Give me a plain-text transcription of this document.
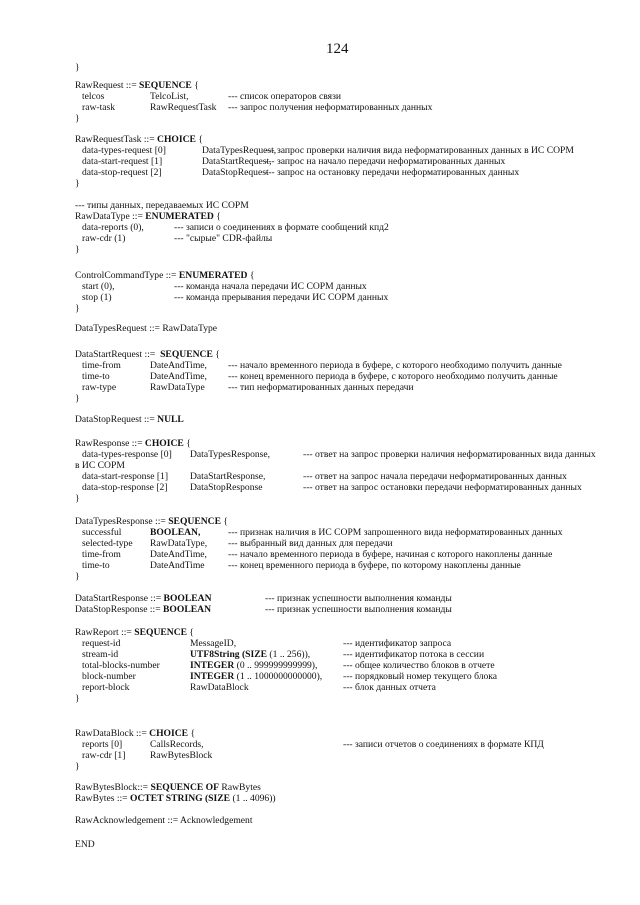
124
}
RawRequest ::= SEQUENCE {
telcos	TelcoList,	--- список операторов связи
raw-task	RawRequestTask --- запрос получения неформатированных данных
}
RawRequestTask ::= CHOICE {
data-types-request [0]	DataTypesRequest,
--- запрос проверки наличия вида неформатированных данных в ИС СОРМ
data-start-request [1]	DataStartRequest,
--- запрос на начало передачи неформатированных данных
data-stop-request [2]	DataStopRequest
--- запрос на остановку передачи неформатированных данных
}
--- типы данных, передаваемых ИС СОРМ
RawDataType ::= ENUMERATED {
data-reports (0),	--- записи о соединениях в формате сообщений кпд2
raw-cdr (1)	--- "сырые" CDR-файлы
}
ControlCommandType ::= ENUMERATED {
start (0),	--- команда начала передачи ИС СОРМ данных
stop (1)	--- команда прерывания передачи ИС СОРМ данных
}
DataTypesRequest ::= RawDataType
DataStartRequest ::=  SEQUENCE {
time-from	DateAndTime, --- начало временного периода в буфере, с которого необходимо получить данные
time-to	DateAndTime, --- конец временного периода в буфере, с которого необходимо получить данные
raw-type	RawDataType --- тип неформатированных данных передачи
}
DataStopRequest ::= NULL
RawResponse ::= CHOICE {
data-types-response [0] DataTypesResponse,	--- ответ на запрос проверки наличия неформатированных вида данных
в ИС СОРМ
data-start-response [1] DataStartResponse,	--- ответ на запрос начала передачи неформатированных данных
data-stop-response [2] DataStopResponse	--- ответ на запрос остановки передачи неформатированных данных
}
DataTypesResponse ::= SEQUENCE {
successful	BOOLEAN,	--- признак наличия в ИС СОРМ запрошенного вида неформатированных данных
selected-type RawDataType, --- выбранный вид данных для передачи
time-from	DateAndTime, --- начало временного периода в буфере, начиная с которого накоплены данные
time-to	DateAndTime --- конец временного периода в буфере, по которому накоплены данные
}
DataStartResponse ::= BOOLEAN	--- признак успешности выполнения команды
DataStopResponse ::= BOOLEAN	--- признак успешности выполнения команды
RawReport ::= SEQUENCE {
request-id	MessageID,	--- идентификатор запроса
stream-id	UTF8String (SIZE (1 .. 256)),	--- идентификатор потока в сессии
total-blocks-number	INTEGER (0 .. 999999999999),	--- общее количество блоков в отчете
block-number	INTEGER (1 .. 1000000000000), --- порядковый номер текущего блока
report-block	RawDataBlock	--- блок данных отчета
}
RawDataBlock ::= CHOICE {
reports [0]	CallsRecords,	--- записи отчетов о соединениях в формате КПД
raw-cdr [1]	RawBytesBlock
}
RawBytesBlock::= SEQUENCE OF RawBytes
RawBytes ::= OCTET STRING (SIZE (1 .. 4096))
RawAcknowledgement ::= Acknowledgement
END
